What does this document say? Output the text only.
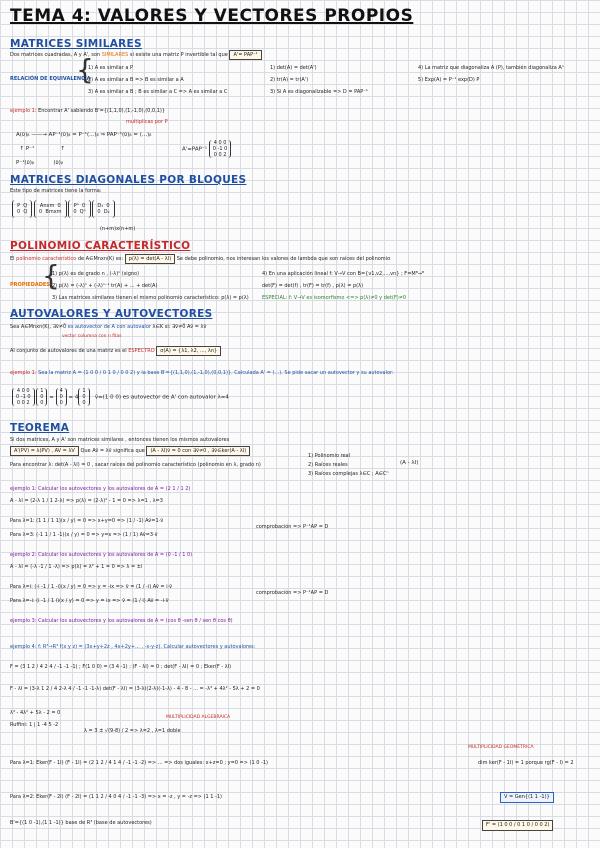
TEMA 4: VALORES Y VECTORES PROPIOS
MATRICES SIMILARES
Dos matrices cuadradas, A y A', son SIMILARES si existe una matriz P invertible tal que A'= PAP⁻¹
RELACIÓN DE EQUIVALENCIA
{
1) A es similar a P
2) A es similar a B => B es similar a A
3) A es similar a B ; B es similar a C => A es similar a C
1) det(A) = det(A')
2) tr(A) = tr(A')
3) Si A es diagonalizable => D = PAP⁻¹
4) La matriz que diagonaliza A (P), también diagonaliza Aⁿ
5) Exp(A) = P⁻¹ exp(D) P
ejemplo 1: Encontrar A' sabiendo B'={(1,1,0),(1,-1,0),(0,0,1)}
multiplicas por P
A(ῡ)ᵦ ——→ AP⁻¹(ῡ)ᵦ = P⁻¹(...)ᵦ ⇒ PAP⁻¹(ῡ)ᵦ = (...)ᵦ
↑ P⁻¹               ↑
P⁻¹(ῡ)ᵦ           (ῡ)ᵦ
A'=PAP⁻¹ 4 0 0
0 -1 0
0 0 2
MATRICES DIAGONALES POR BLOQUES
Este tipo de matrices tiene la forma:
P  Q
0  Q Anxm  0
0  Bmxm Pⁿ  0
0  Qⁿ D₁  0
0  D₂
(n+m)x(n+m)
POLINOMIO CARACTERÍSTICO
El polinomio característico de A∈Mnxn(K) es: p(λ) = det(A - λI) Se debe polinomio, nos interesan los valores de lambda que son raíces del polinomio
PROPIEDADES
{
1) p(λ) es de grado n , (-λ)ⁿ (signo)
2) p(λ) = (-λ)ⁿ + (-λ)ⁿ⁻¹ tr(A) + ... + det(A)
3) Las matrices similares tienen el mismo polinomio característico: p(λ) = p(λ)
4) En una aplicación lineal f: V→V con B={v1,v2,...,vn} ; F=Mᴮ⇒ᴮ
det(F) = det(f) , tr(F) = tr(f) , p(λ) = p(λ)
ESPECIAL: f: V→V es isomorfismo <=> p(λ)≠0 y det(F)≠0
AUTOVALORES Y AUTOVECTORES
Sea A∈Mnxn(K), ∃v̄≠0̄ es autovector de A con autovalor λ∈K si: ∃v̄≠0̄ Av̄ = λv̄
vector columna con n filas
Al conjunto de autovalores de una matriz es el ESPECTRO σ(A) = {λ1, λ2, ..., λn}
ejemplo 1: Sea la matriz A = (1 0 0 / 0 1 0 / 0 0 2) y la base B'={(1,1,0),(1,-1,0),(0,0,1)}. Calculada A' = (...). Se pide sacar un autovector y su autovalor:
4 0 0
0 -1 0
0 0 2 1
0
0 = 4
0
0 = 41
0
0   v̄=(1 0 0) es autovector de A' con autovalor λ=4
TEOREMA
Si dos matrices, A y A' son matrices similares , entonces tienen los mismos autovalores
A'(PV) = λ(PV) , AV = λV Que Av̄ = λv̄ significa que (A - λI)v̄ = 0 con ∃v̄≠0 , ∃v̄∈ker(A - λI)
Para encontrar λ: det(A - λI) = 0 , sacar raíces del polinomio característico (polinomio en λ, grado n)
1) Polinomio real
2) Raíces reales
3) Raíces complejas λ∈C ; A∈Cⁿ
(A - λI)
ejemplo 1: Calcular los autovectores y los autovalores de A = (2 1 / 1 2)
A - λI = (2-λ 1 / 1 2-λ) => p(λ) = (2-λ)² - 1 = 0 => λ=1 , λ=3
Para λ=1: (1 1 / 1 1)(x / y) = 0 => x+y=0 => (1 / -1) Av̄=1·v̄
Para λ=3: (-1 1 / 1 -1)(x / y) = 0 => y=x => (1 / 1) Av̄=3·v̄
comprobación => P⁻¹AP = D
ejemplo 2: Calcular los autovectores y los autovalores de A = (0 -1 / 1 0)
A - λI = (-λ -1 / 1 -λ) => p(λ) = λ² + 1 = 0 => λ = ±i
Para λ=i: (-i -1 / 1 -i)(x / y) = 0 => y = -ix => v̄ = (1 / -i) Av̄ = i·v̄
Para λ=-i: (i -1 / 1 i)(x / y) = 0 => y = ix => v̄ = (1 / i) Av̄ = -i·v̄
comprobación => P⁻¹AP = D
ejemplo 3: Calcular los autovectores y los autovalores de A = (cos θ -sen θ / sen θ cos θ)
ejemplo 4: f: R³→R³ f(x y z) = (3x+y+2z , 4x+2y+... , -x-y-z). Calcular autovectores y autovalores:
F = (3 1 2 / 4 2 4 / -1 -1 -1) ; F(1 0 0) = (3 4 -1) ; (F - λI) = 0 ; det(F - λI) = 0 ; Eker(F - λI)
F - λI = (3-λ 1 2 / 4 2-λ 4 / -1 -1 -1-λ) det(F - λI) = (3-λ)(2-λ)(-1-λ) - 4 - 8 - ... = -λ³ + 4λ² - 5λ + 2 = 0
λ³ - 4λ² + 5λ - 2 = 0
Ruffini: 1 | 1 -4 5 -2
λ = 3 ± √(9-8) / 2 => λ=2 , λ=1 doble
MULTIPLICIDAD ALGEBRAICA
Para λ=1: Eker(F - 1I) (F - 1I) = (2 1 2 / 4 1 4 / -1 -1 -2) => ... => dos iguales: x+z=0 ; y=0 => (1 0 -1)
MULTIPLICIDAD GEOMÉTRICA
dim ker(F - 1I) = 1 porque rg(F - I) = 2
Para λ=2: Eker(F - 2I) (F - 2I) = (1 1 2 / 4 0 4 / -1 -1 -3) => x = -z , y = -z => (1 1 -1)	V = Gen{(1 1 -1)}
B'={(1 0 -1),(1 1 -1)} base de R³ (base de autovectores)	F' = (1 0 0 / 0 1 0 / 0 0 2)
